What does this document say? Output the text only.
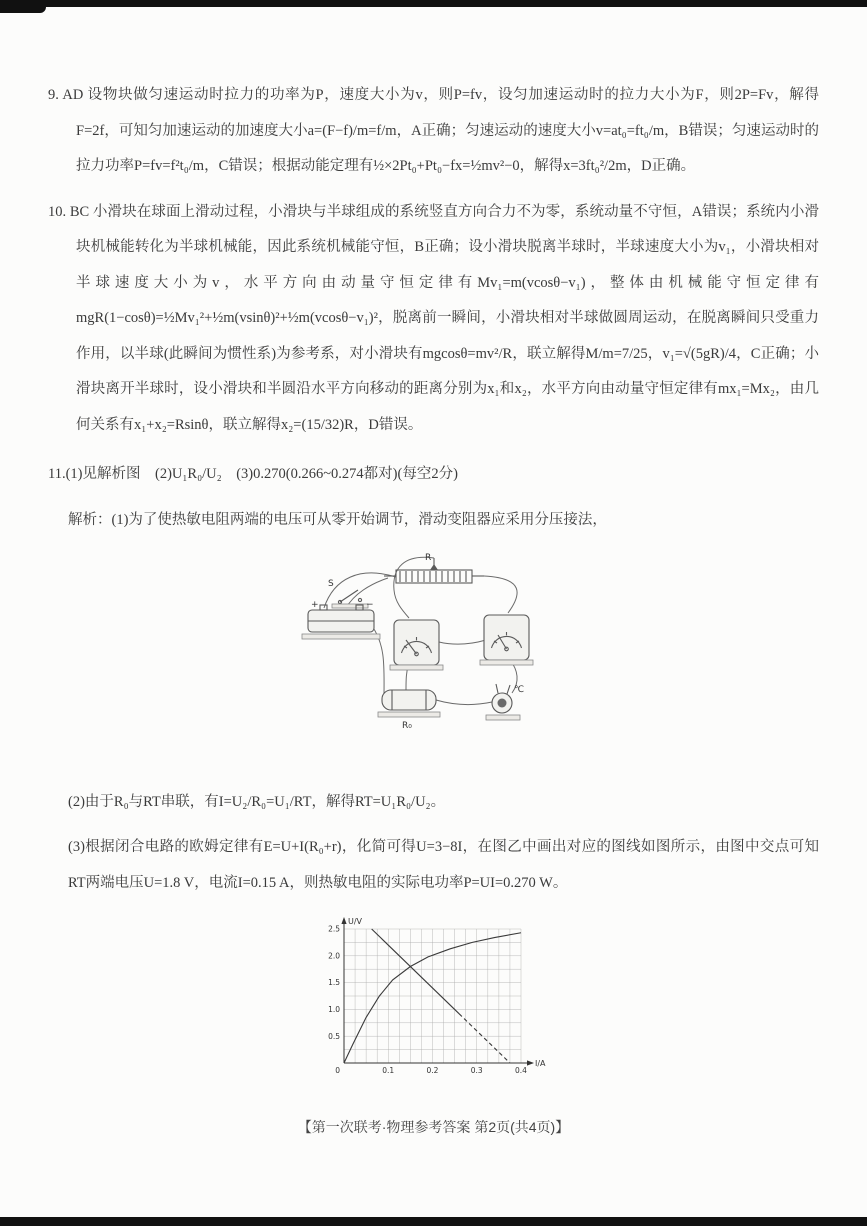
9. AD 设物块做匀速运动时拉力的功率为P，速度大小为v，则P=fv，设匀加速运动时的拉力大小为F，则2P=Fv，解得F=2f，可知匀加速运动的加速度大小a=(F−f)/m=f/m，A正确；匀速运动的速度大小v=at₀=ft₀/m，B错误；匀速运动时的拉力功率P=fv=f²t₀/m，C错误；根据动能定理有½×2Pt₀+Pt₀−fx=½mv²−0，解得x=3ft₀²/2m，D正确。

10. BC 小滑块在球面上滑动过程，小滑块与半球组成的系统竖直方向合力不为零，系统动量不守恒，A错误；系统内小滑块机械能转化为半球机械能，因此系统机械能守恒，B正确；设小滑块脱离半球时，半球速度大小为v₁，小滑块相对半球速度大小为v，水平方向由动量守恒定律有Mv₁=m(vcosθ−v₁)，整体由机械能守恒定律有mgR(1−cosθ)=½Mv₁²+½m(vsinθ)²+½m(vcosθ−v₁)²，脱离前一瞬间，小滑块相对半球做圆周运动，在脱离瞬间只受重力作用，以半球(此瞬间为惯性系)为参考系，对小滑块有mgcosθ=mv²/R，联立解得M/m=7/25，v₁=√(5gR)/4，C正确；小滑块离开半球时，设小滑块和半圆沿水平方向移动的距离分别为x₁和x₂，水平方向由动量守恒定律有mx₁=Mx₂，由几何关系有x₁+x₂=Rsinθ，联立解得x₂=(15/32)R，D错误。

11.(1)见解析图　(2)U₁R₀/U₂　(3)0.270(0.266~0.274都对)(每空2分)

解析：(1)为了使热敏电阻两端的电压可从零开始调节，滑动变阻器应采用分压接法，

R
S
+	−
R₀
℃

(2)由于R₀与RT串联，有I=U₂/R₀=U₁/RT，解得RT=U₁R₀/U₂。

(3)根据闭合电路的欧姆定律有E=U+I(R₀+r)，化简可得U=3−8I，在图乙中画出对应的图线如图所示，由图中交点可知RT两端电压U=1.8 V，电流I=0.15 A，则热敏电阻的实际电功率P=UI=0.270 W。

0.5
1.0
1.5
2.0
2.5
0.1	0.2	0.3	0.4
0
U/V
I/A

【第一次联考·物理参考答案 第2页(共4页)】
